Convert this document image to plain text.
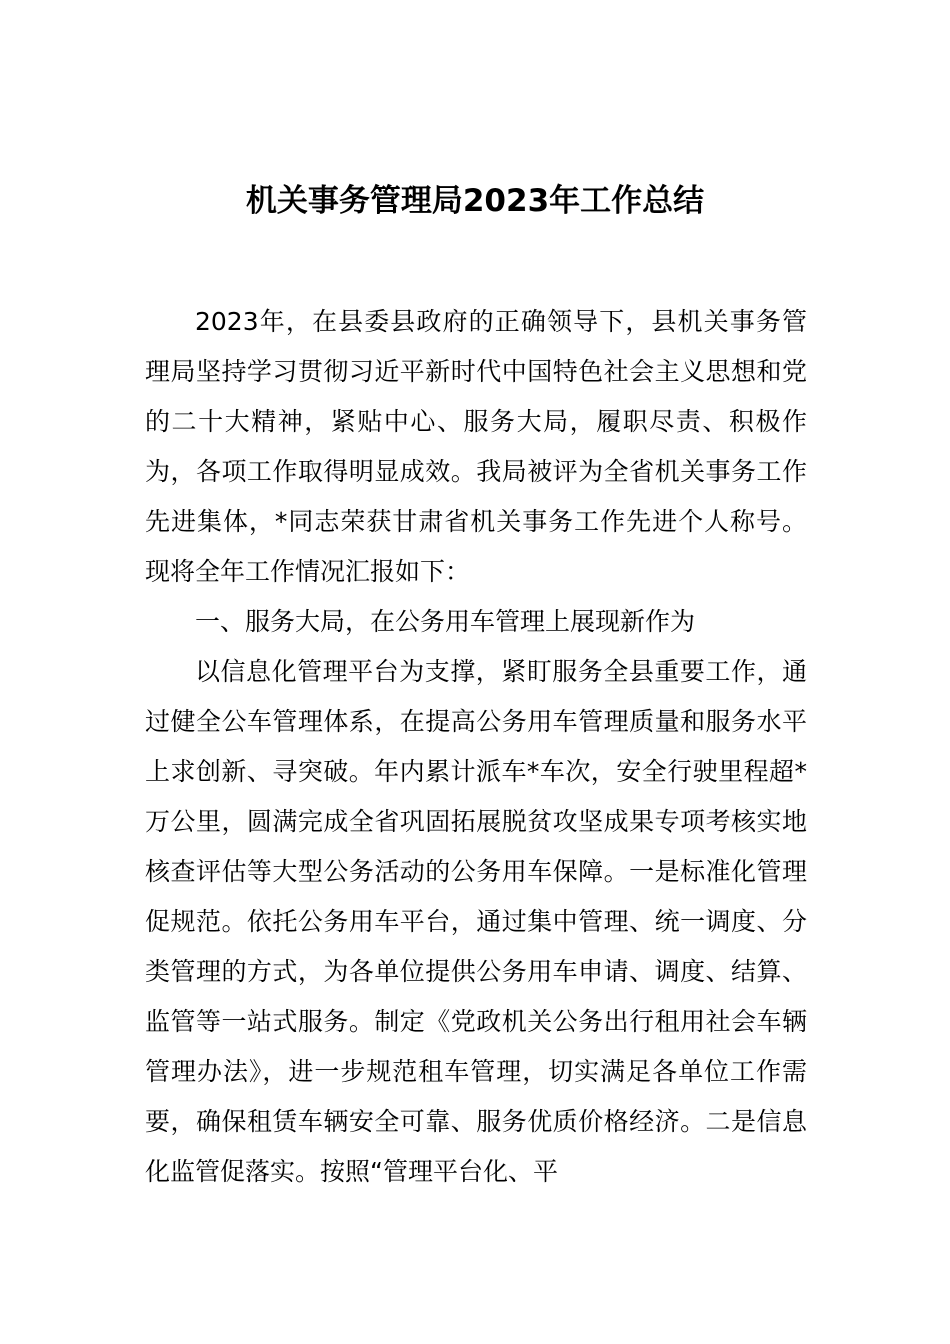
机关事务管理局2023年工作总结

2023年，在县委县政府的正确领导下，县机关事务管理局坚持学习贯彻习近平新时代中国特色社会主义思想和党的二十大精神，紧贴中心、服务大局，履职尽责、积极作为，各项工作取得明显成效。我局被评为全省机关事务工作先进集体，*同志荣获甘肃省机关事务工作先进个人称号。现将全年工作情况汇报如下：

一、服务大局，在公务用车管理上展现新作为

以信息化管理平台为支撑，紧盯服务全县重要工作，通过健全公车管理体系，在提高公务用车管理质量和服务水平上求创新、寻突破。年内累计派车*车次，安全行驶里程超*万公里，圆满完成全省巩固拓展脱贫攻坚成果专项考核实地核查评估等大型公务活动的公务用车保障。一是标准化管理促规范。依托公务用车平台，通过集中管理、统一调度、分类管理的方式，为各单位提供公务用车申请、调度、结算、监管等一站式服务。制定《党政机关公务出行租用社会车辆管理办法》，进一步规范租车管理，切实满足各单位工作需要，确保租赁车辆安全可靠、服务优质价格经济。二是信息化监管促落实。按照“管理平台化、平
